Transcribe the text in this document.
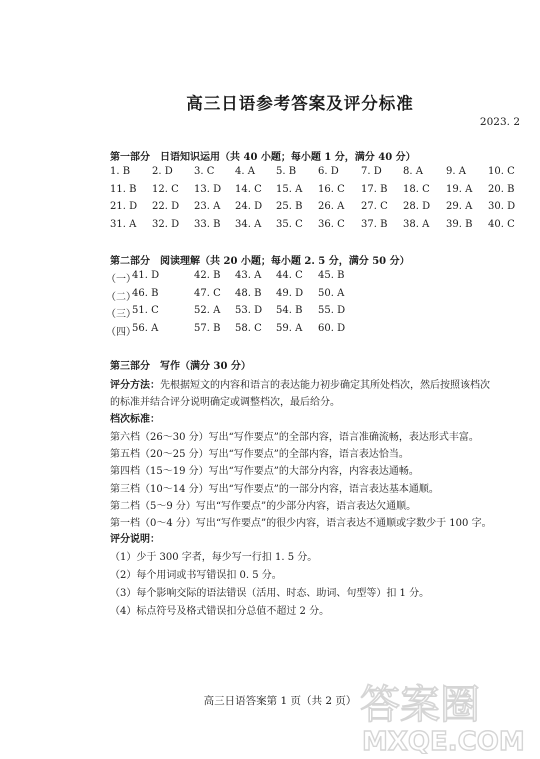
高三日语参考答案及评分标准
2023. 2
第一部分　日语知识运用（共 40 小题；每小题 1 分，满分 40 分）
1. B 2. D 3. C 4. A 5. B 6. D 7. D 8. A 9. A 10. C
11. B 12. C 13. D 14. C 15. A 16. C 17. B 18. C 19. A 20. B
21. D 22. D 23. A 24. D 25. B 26. A 27. C 28. D 29. A 30. D
31. A 32. D 33. B 34. A 35. C 36. C 37. B 38. A 39. B 40. C
第二部分　阅读理解（共 20 小题；每小题 2. 5 分，满分 50 分）
（一）
41. D	42. B 43. A 44. C 45. B
（二）
46. B	47. C 48. B 49. D 50. A
（三）
51. C	52. A 53. D 54. B 55. D
（四）
56. A	57. B 58. C 59. A 60. D
第三部分　写作（满分 30 分）
评分方法：先根据短文的内容和语言的表达能力初步确定其所处档次，然后按照该档次
的标准并结合评分说明确定或调整档次，最后给分。
档次标准：
第六档（26～30 分）写出“写作要点”的全部内容，语言准确流畅，表达形式丰富。
第五档（20～25 分）写出“写作要点”的全部内容，语言表达恰当。
第四档（15～19 分）写出“写作要点”的大部分内容，内容表达通畅。
第三档（10～14 分）写出“写作要点”的一部分内容，语言表达基本通顺。
第二档（5～9 分）写出“写作要点”的少部分内容，语言表达欠通顺。
第一档（0～4 分）写出“写作要点”的很少内容，语言表达不通顺或字数少于 100 字。
评分说明：
（1）少于 300 字者，每少写一行扣 1. 5 分。
（2）每个用词或书写错误扣 0. 5 分。
（3）每个影响交际的语法错误（活用、时态、助词、句型等）扣 1 分。
（4）标点符号及格式错误扣分总值不超过 2 分。
高三日语答案第 1 页（共 2 页） 答案圈
MXQE.COM
